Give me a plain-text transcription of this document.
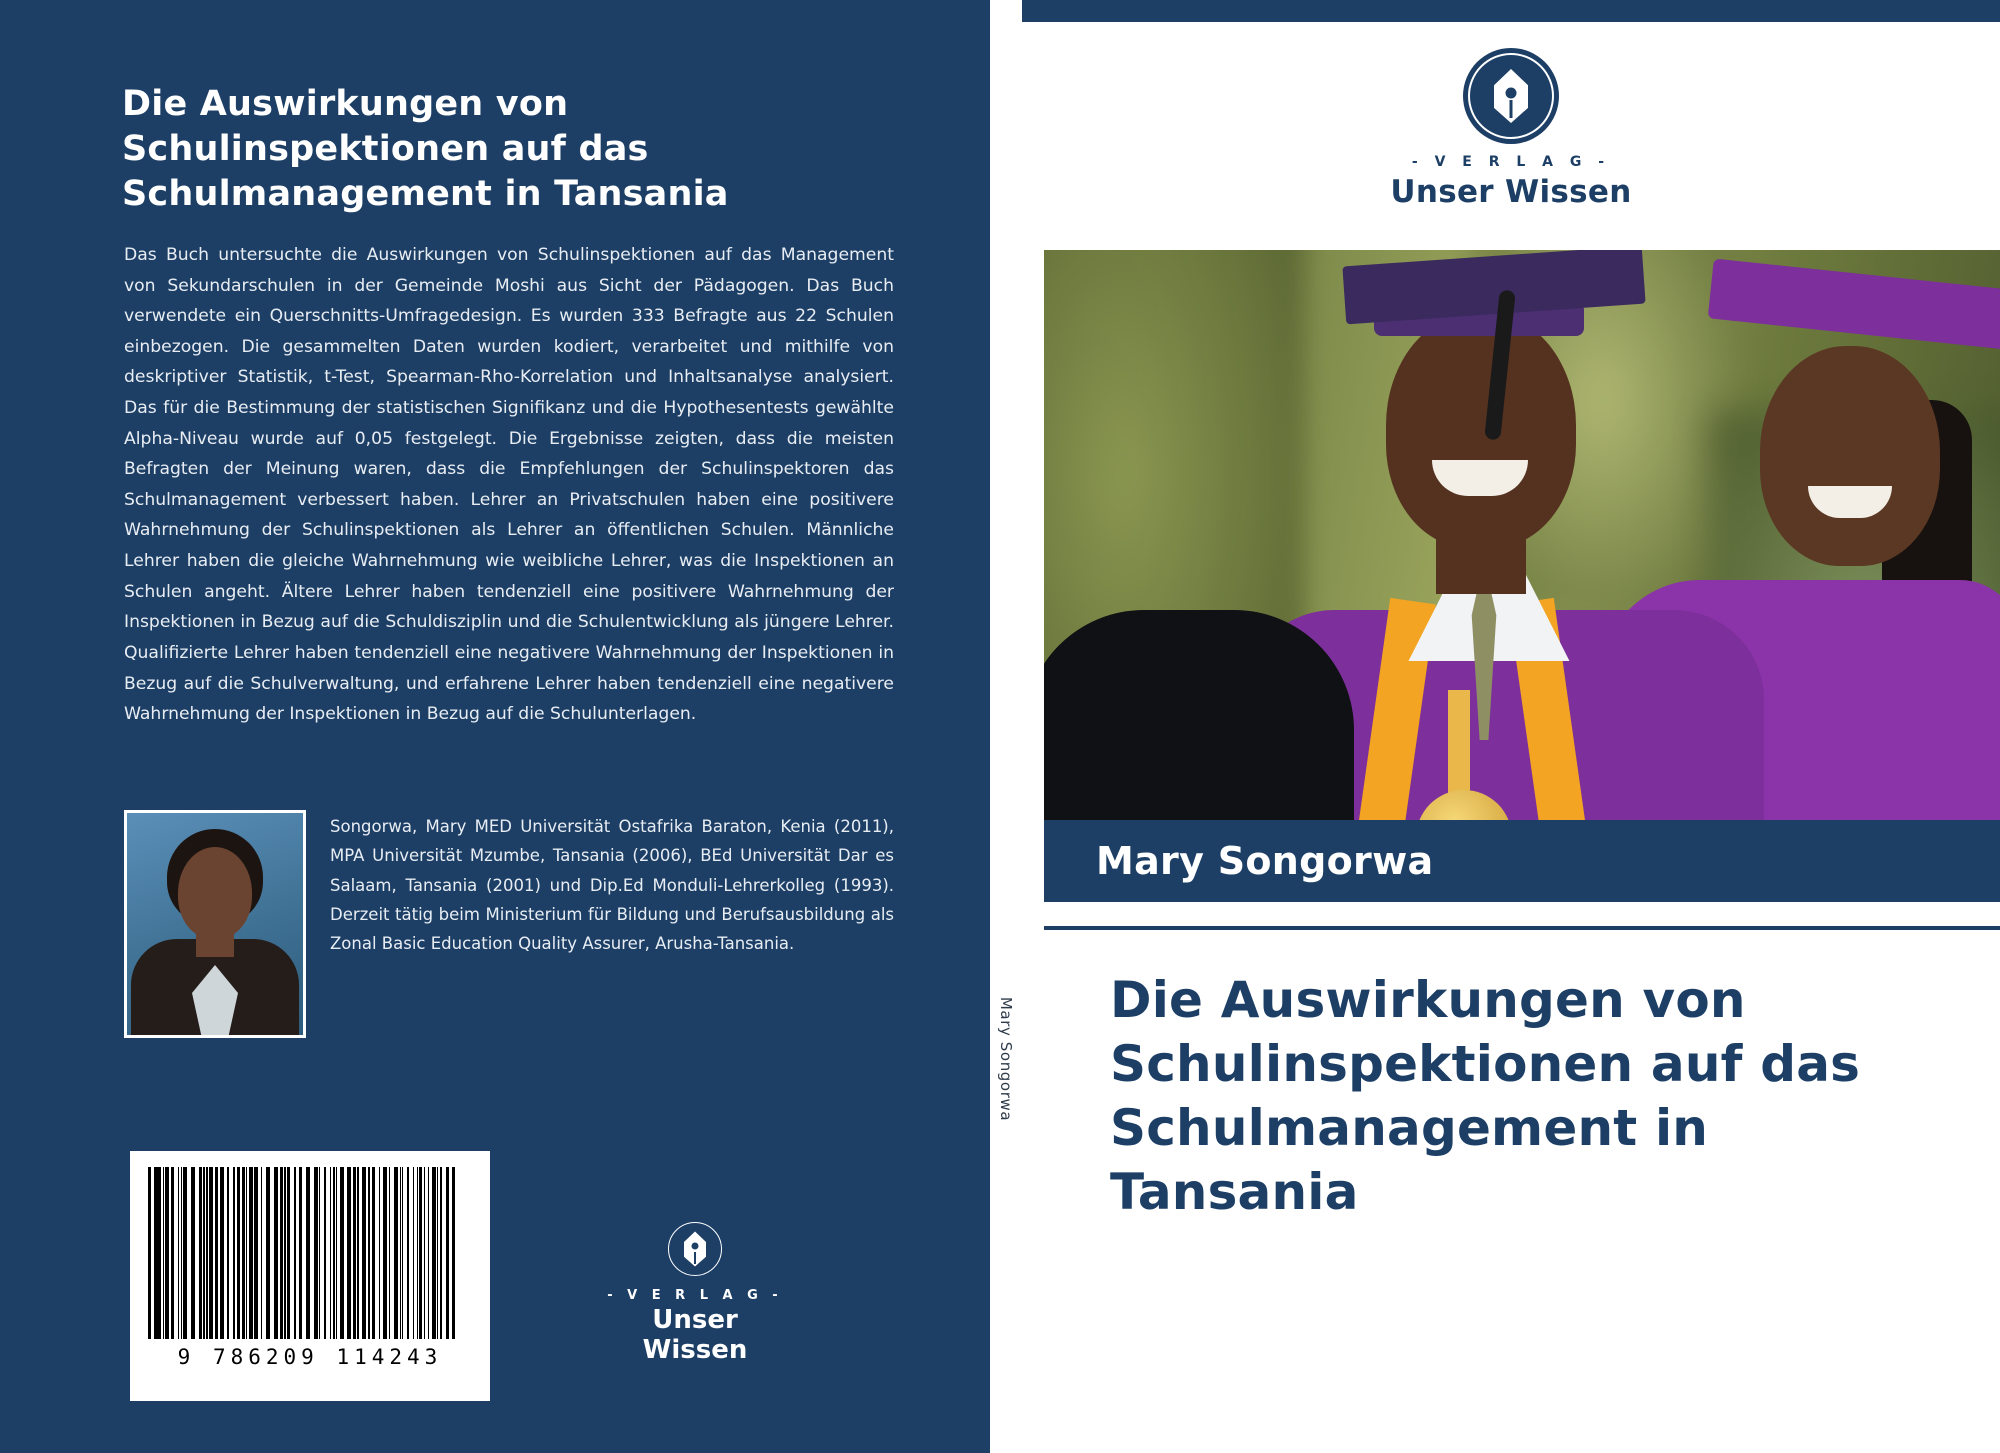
Die Auswirkungen von Schulinspektionen auf das Schulmanagement in Tansania
Das Buch untersuchte die Auswirkungen von Schulinspektionen auf das Management von Sekundarschulen in der Gemeinde Moshi aus Sicht der Pädagogen. Das Buch verwendete ein Querschnitts-Umfragedesign. Es wurden 333 Befragte aus 22 Schulen einbezogen. Die gesammelten Daten wurden kodiert, verarbeitet und mithilfe von deskriptiver Statistik, t-Test, Spearman-Rho-Korrelation und Inhaltsanalyse analysiert. Das für die Bestimmung der statistischen Signifikanz und die Hypothesentests gewählte Alpha-Niveau wurde auf 0,05 festgelegt. Die Ergebnisse zeigten, dass die meisten Befragten der Meinung waren, dass die Empfehlungen der Schulinspektoren das Schulmanagement verbessert haben. Lehrer an Privatschulen haben eine positivere Wahrnehmung der Schulinspektionen als Lehrer an öffentlichen Schulen. Männliche Lehrer haben die gleiche Wahrnehmung wie weibliche Lehrer, was die Inspektionen an Schulen angeht. Ältere Lehrer haben tendenziell eine positivere Wahrnehmung der Inspektionen in Bezug auf die Schuldisziplin und die Schulentwicklung als jüngere Lehrer. Qualifizierte Lehrer haben tendenziell eine negativere Wahrnehmung der Inspektionen in Bezug auf die Schulverwaltung, und erfahrene Lehrer haben tendenziell eine negativere Wahrnehmung der Inspektionen in Bezug auf die Schulunterlagen.
Songorwa, Mary MED Universität Ostafrika Baraton, Kenia (2011), MPA Universität Mzumbe, Tansania (2006), BEd Universität Dar es Salaam, Tansania (2001) und Dip.Ed Monduli-Lehrerkolleg (1993). Derzeit tätig beim Ministerium für Bildung und Berufsausbildung als Zonal Basic Education Quality Assurer, Arusha-Tansania.
9 786209 114243
- V E R L A G -
Unser Wissen
Mary Songorwa
- V E R L A G -
Unser Wissen
Mary Songorwa
Die Auswirkungen von Schulinspektionen auf das Schulmanagement in Tansania
